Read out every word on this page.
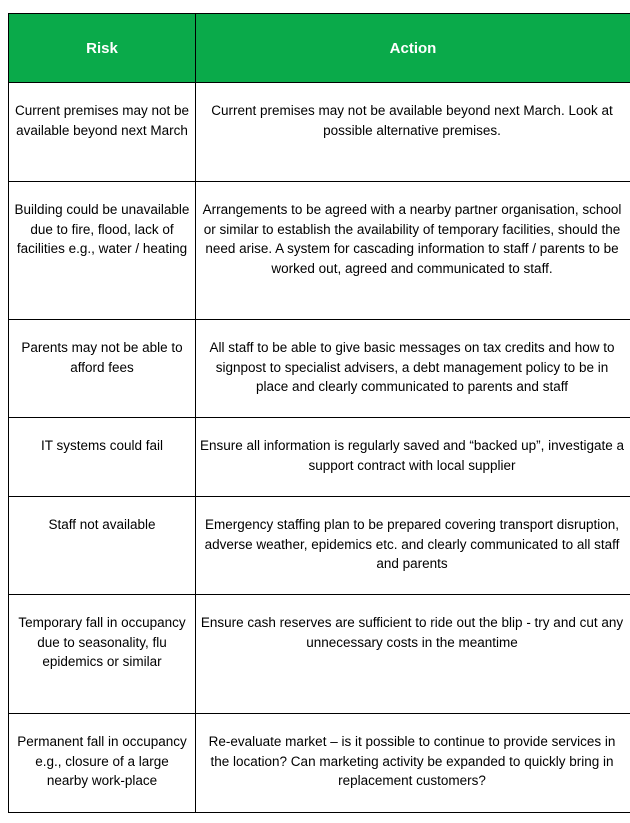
Risk	Action
Current premises may not be available beyond next March	Current premises may not be available beyond next March. Look at possible alternative premises.
Building could be unavailable due to fire, flood, lack of facilities e.g., water / heating	Arrangements to be agreed with a nearby partner organisation, school or similar to establish the availability of temporary facilities, should the need arise. A system for cascading information to staff / parents to be worked out, agreed and communicated to staff.
Parents may not be able to afford fees	All staff to be able to give basic messages on tax credits and how to signpost to specialist advisers, a debt management policy to be in place and clearly communicated to parents and staff
IT systems could fail	Ensure all information is regularly saved and “backed up”, investigate a support contract with local supplier
Staff not available	Emergency staffing plan to be prepared covering transport disruption, adverse weather, epidemics etc. and clearly communicated to all staff and parents
Temporary fall in occupancy due to seasonality, flu epidemics or similar	Ensure cash reserves are sufficient to ride out the blip - try and cut any unnecessary costs in the meantime
Permanent fall in occupancy e.g., closure of a large nearby work-place	Re-evaluate market – is it possible to continue to provide services in the location? Can marketing activity be expanded to quickly bring in replacement customers?
